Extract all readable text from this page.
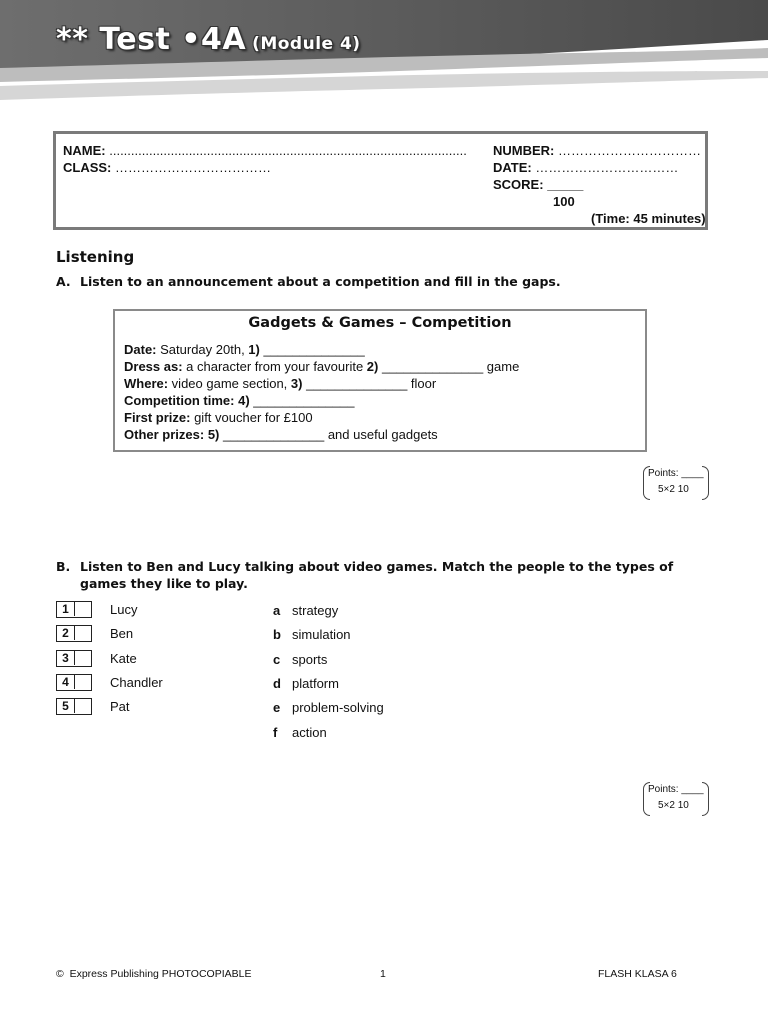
** Test •4A (Module 4)
NAME: ...................................................................................................
CLASS: ………………………………
NUMBER: ……………………………
DATE: ……………………………
SCORE: _____
100
(Time: 45 minutes)
Listening
A. Listen to an announcement about a competition and fill in the gaps.
Gadgets & Games – Competition
Date: Saturday 20th, 1) ______________
Dress as: a character from your favourite 2) ______________ game
Where: video game section, 3) ______________ floor
Competition time: 4) ______________
First prize: gift voucher for £100
Other prizes: 5) ______________ and useful gadgets
Points: ____
5×2 10
B. Listen to Ben and Lucy talking about video games. Match the people to the types of
games they like to play.
1	Lucy
2	Ben
3	Kate
4	Chandler
5	Pat
a strategy
b simulation
c sports
d platform
e problem-solving
f action
Points: ____
5×2 10
© Express Publishing PHOTOCOPIABLE	1	FLASH KLASA 6
